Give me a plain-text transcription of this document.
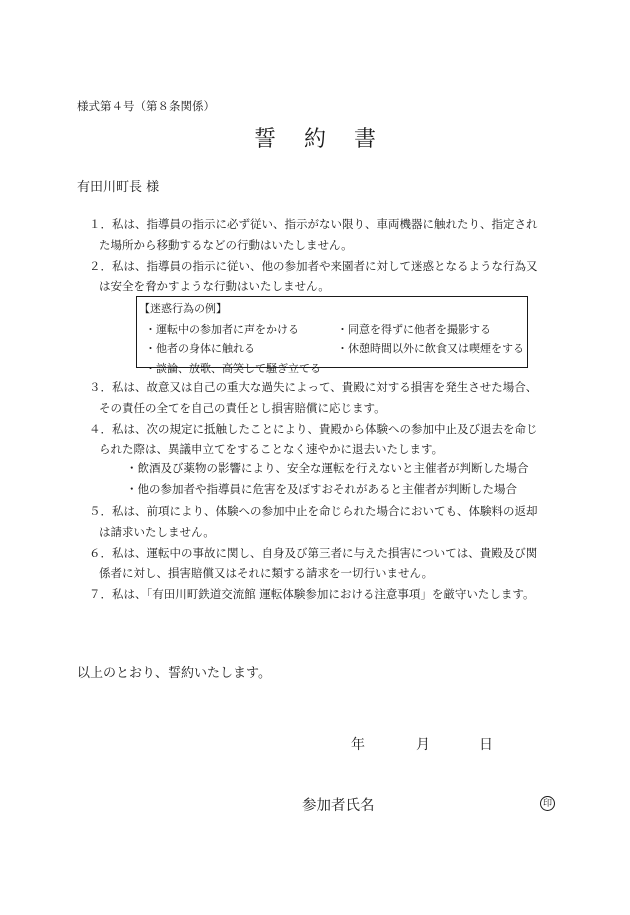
様式第４号（第８条関係）
誓 約 書
有田川町長 様
１．私は、指導員の指示に必ず従い、指示がない限り、車両機器に触れたり、指定され
た場所から移動するなどの行動はいたしません。
２．私は、指導員の指示に従い、他の参加者や来園者に対して迷惑となるような行為又
は安全を脅かすような行動はいたしません。
【迷惑行為の例】
・運転中の参加者に声をかける	・同意を得ずに他者を撮影する
・他者の身体に触れる	・休憩時間以外に飲食又は喫煙をする
・談論、放歌、高笑して騒ぎ立てる
３．私は、故意又は自己の重大な過失によって、貴殿に対する損害を発生させた場合、
その責任の全てを自己の責任とし損害賠償に応じます。
４．私は、次の規定に抵触したことにより、貴殿から体験への参加中止及び退去を命じ
られた際は、異議申立てをすることなく速やかに退去いたします。
・飲酒及び薬物の影響により、安全な運転を行えないと主催者が判断した場合
・他の参加者や指導員に危害を及ぼすおそれがあると主催者が判断した場合
５．私は、前項により、体験への参加中止を命じられた場合においても、体験料の返却
は請求いたしません。
６．私は、運転中の事故に関し、自身及び第三者に与えた損害については、貴殿及び関
係者に対し、損害賠償又はそれに類する請求を一切行いません。
７．私は、「有田川町鉄道交流館 運転体験参加における注意事項」を厳守いたします。
以上のとおり、誓約いたします。
年	月	日
参加者氏名	印
